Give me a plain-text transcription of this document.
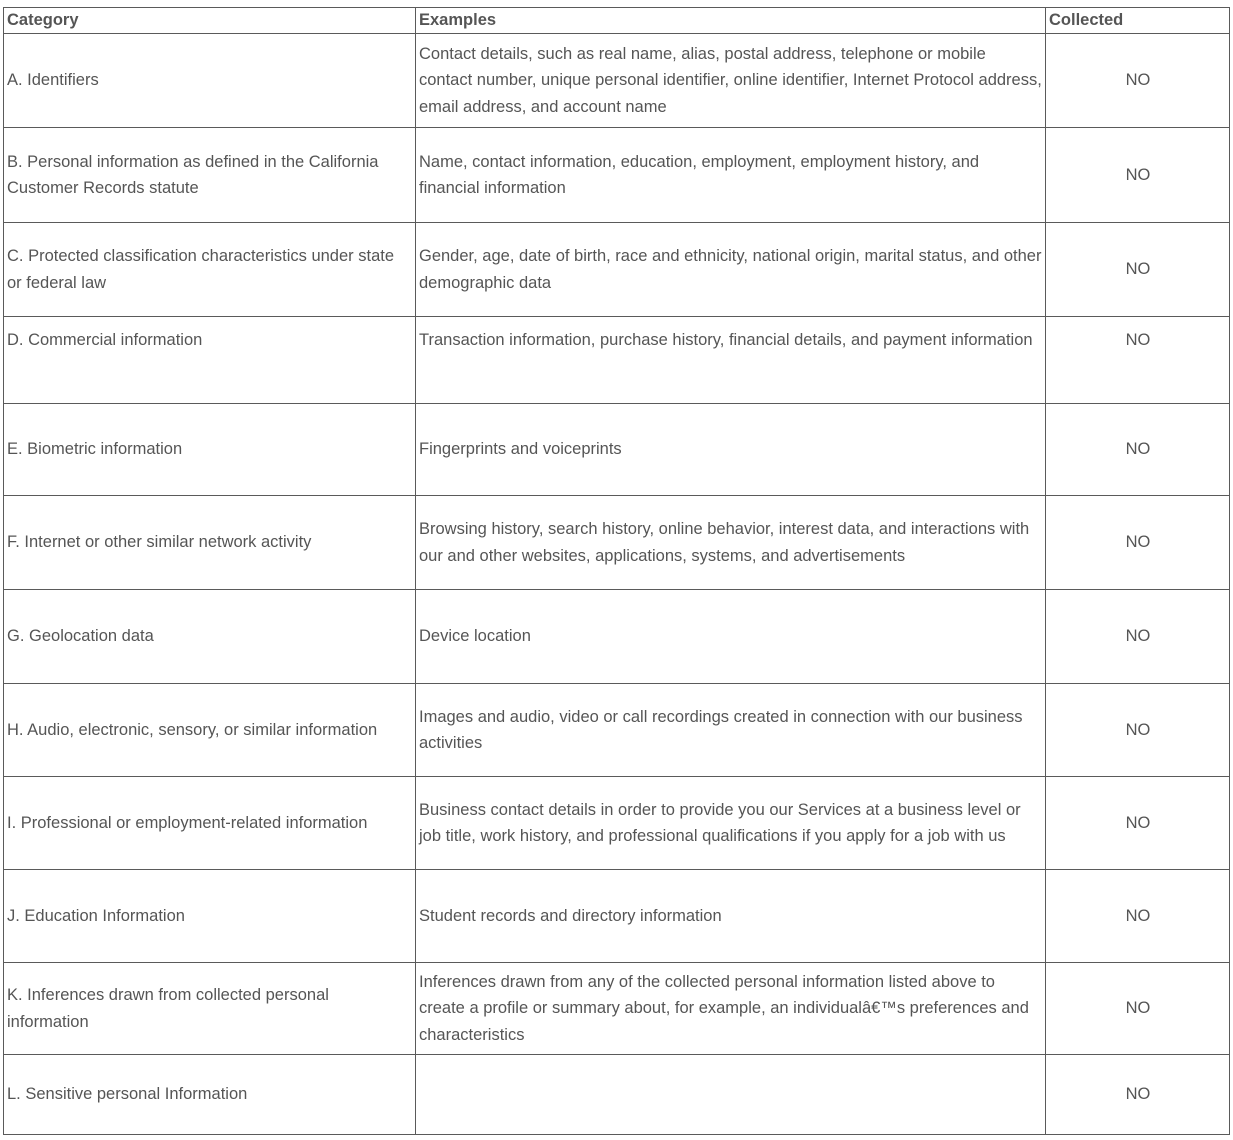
Category	Examples	Collected
A. Identifiers	Contact details, such as real name, alias, postal address, telephone or mobile contact number, unique personal identifier, online identifier, Internet Protocol address, email address, and account name	NO
B. Personal information as defined in the California Customer Records statute	Name, contact information, education, employment, employment history, and financial information	NO
C. Protected classification characteristics under state or federal law	Gender, age, date of birth, race and ethnicity, national origin, marital status, and other demographic data	NO
D. Commercial information	Transaction information, purchase history, financial details, and payment information	NO
E. Biometric information	Fingerprints and voiceprints	NO
F. Internet or other similar network activity	Browsing history, search history, online behavior, interest data, and interactions with our and other websites, applications, systems, and advertisements	NO
G. Geolocation data	Device location	NO
H. Audio, electronic, sensory, or similar information	Images and audio, video or call recordings created in connection with our business activities	NO
I. Professional or employment-related information	Business contact details in order to provide you our Services at a business level or job title, work history, and professional qualifications if you apply for a job with us	NO
J. Education Information	Student records and directory information	NO
K. Inferences drawn from collected personal information	Inferences drawn from any of the collected personal information listed above to create a profile or summary about, for example, an individualâ€™s preferences and characteristics	NO
L. Sensitive personal Information		NO
